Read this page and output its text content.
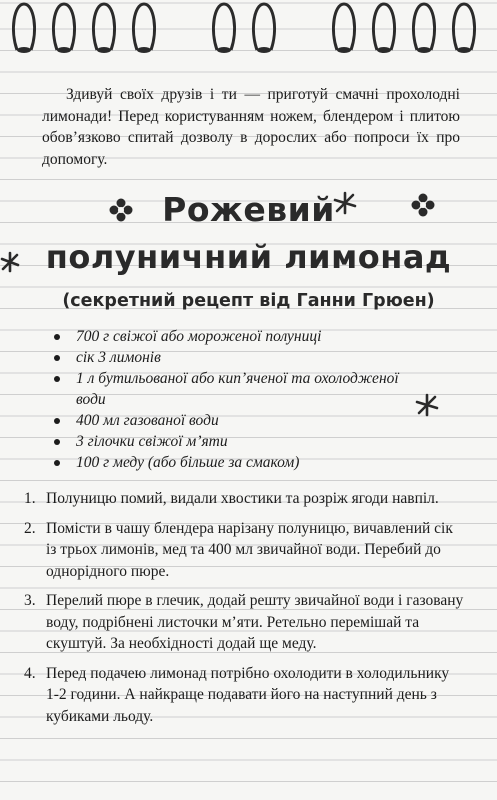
Здивуй своїх друзів і ти — приготуй смачні прохолодні лимонади! Перед користуванням ножем, блендером і плитою обов’язково спитай дозволу в дорослих або попроси їх про допомогу.
Рожевий
полуничний лимонад
(секретний рецепт від Ганни Грюен)
700 г свіжої або мороженої полуниці
сік 3 лимонів
1 л бутильованої або кип’яченої та охолодженої води
400 мл газованої води
3 гілочки свіжої м’яти
100 г меду (або більше за смаком)
1. Полуницю помий, видали хвостики та розріж ягоди навпіл.
2. Помісти в чашу блендера нарізану полуницю, вичавлений сік із трьох лимонів, мед та 400 мл звичайної води. Перебий до однорідного пюре.
3. Перелий пюре в глечик, додай решту звичайної води і газовану воду, подрібнені листочки м’яти. Ретельно перемішай та скуштуй. За необхідності додай ще меду.
4. Перед подачею лимонад потрібно охолодити в холодильнику 1-2 години. А найкраще подавати його на наступний день з кубиками льоду.
